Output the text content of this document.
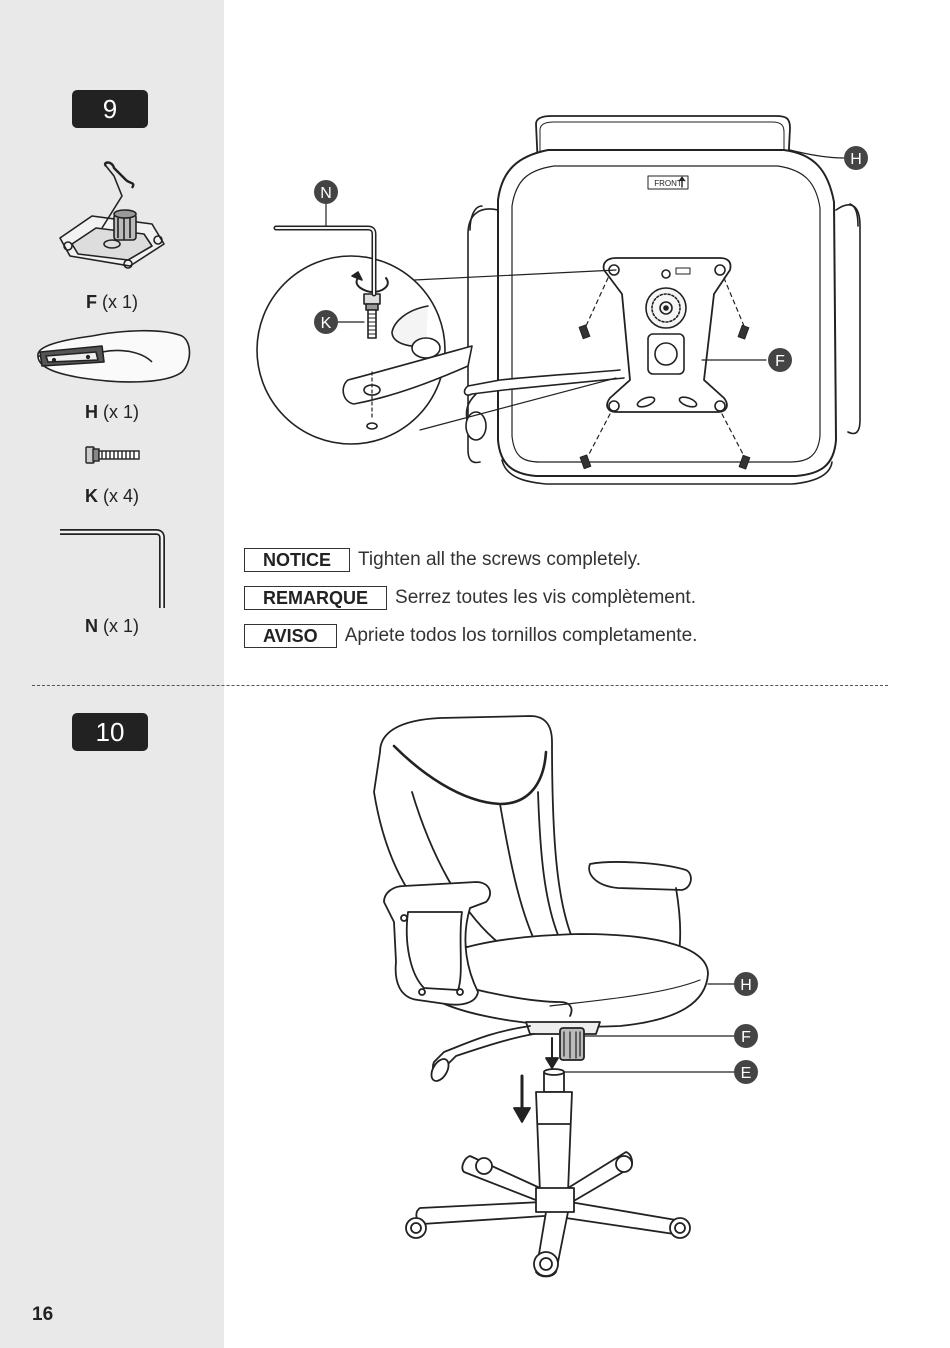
9
10
F (x 1)
H (x 1)
K (x 4)
N (x 1)
N
K
H
F
FRONT
NOTICE	Tighten all the screws completely.
REMARQUE	Serrez toutes les vis complètement.
AVISO	Apriete todos los tornillos completamente.
H
F
E
16
